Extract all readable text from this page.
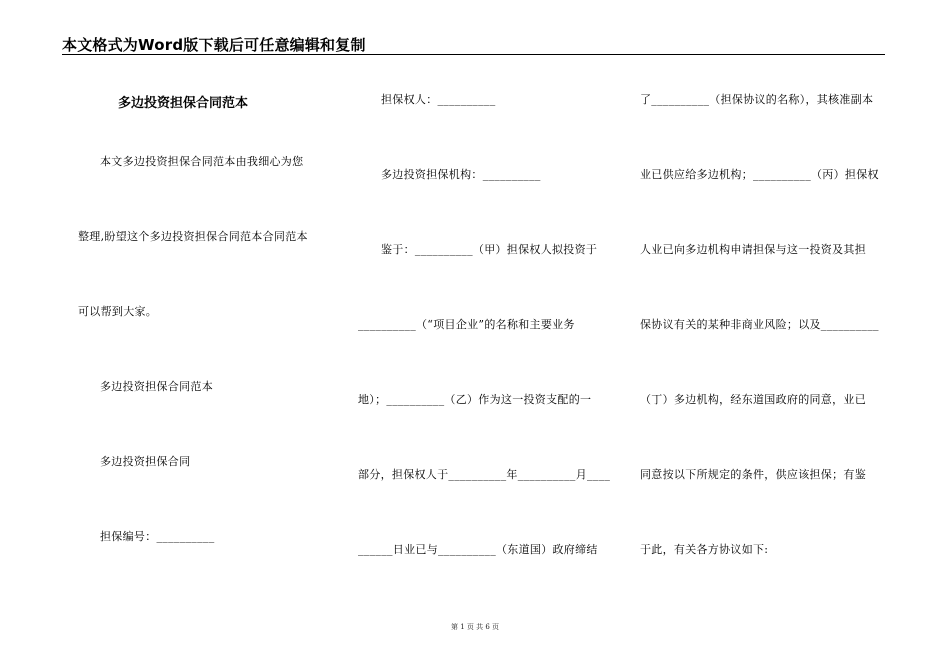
本文格式为Word版下载后可任意编辑和复制
多边投资担保合同范本
本文多边投资担保合同范本由我细心为您
整理,盼望这个多边投资担保合同范本合同范本
可以帮到大家。
多边投资担保合同范本
多边投资担保合同
担保编号：__________
担保权人：__________
多边投资担保机构：__________
鉴于：__________（甲）担保权人拟投资于
__________（“项目企业”的名称和主要业务
地）；__________（乙）作为这一投资支配的一
部分，担保权人于__________年__________月____
______日业已与__________（东道国）政府缔结
了__________（担保协议的名称），其核准副本
业已供应给多边机构；__________（丙）担保权
人业已向多边机构申请担保与这一投资及其担
保协议有关的某种非商业风险；以及__________
（丁）多边机构，经东道国政府的同意，业已
同意按以下所规定的条件，供应该担保；有鉴
于此，有关各方协议如下:
第 1 页 共 6 页
